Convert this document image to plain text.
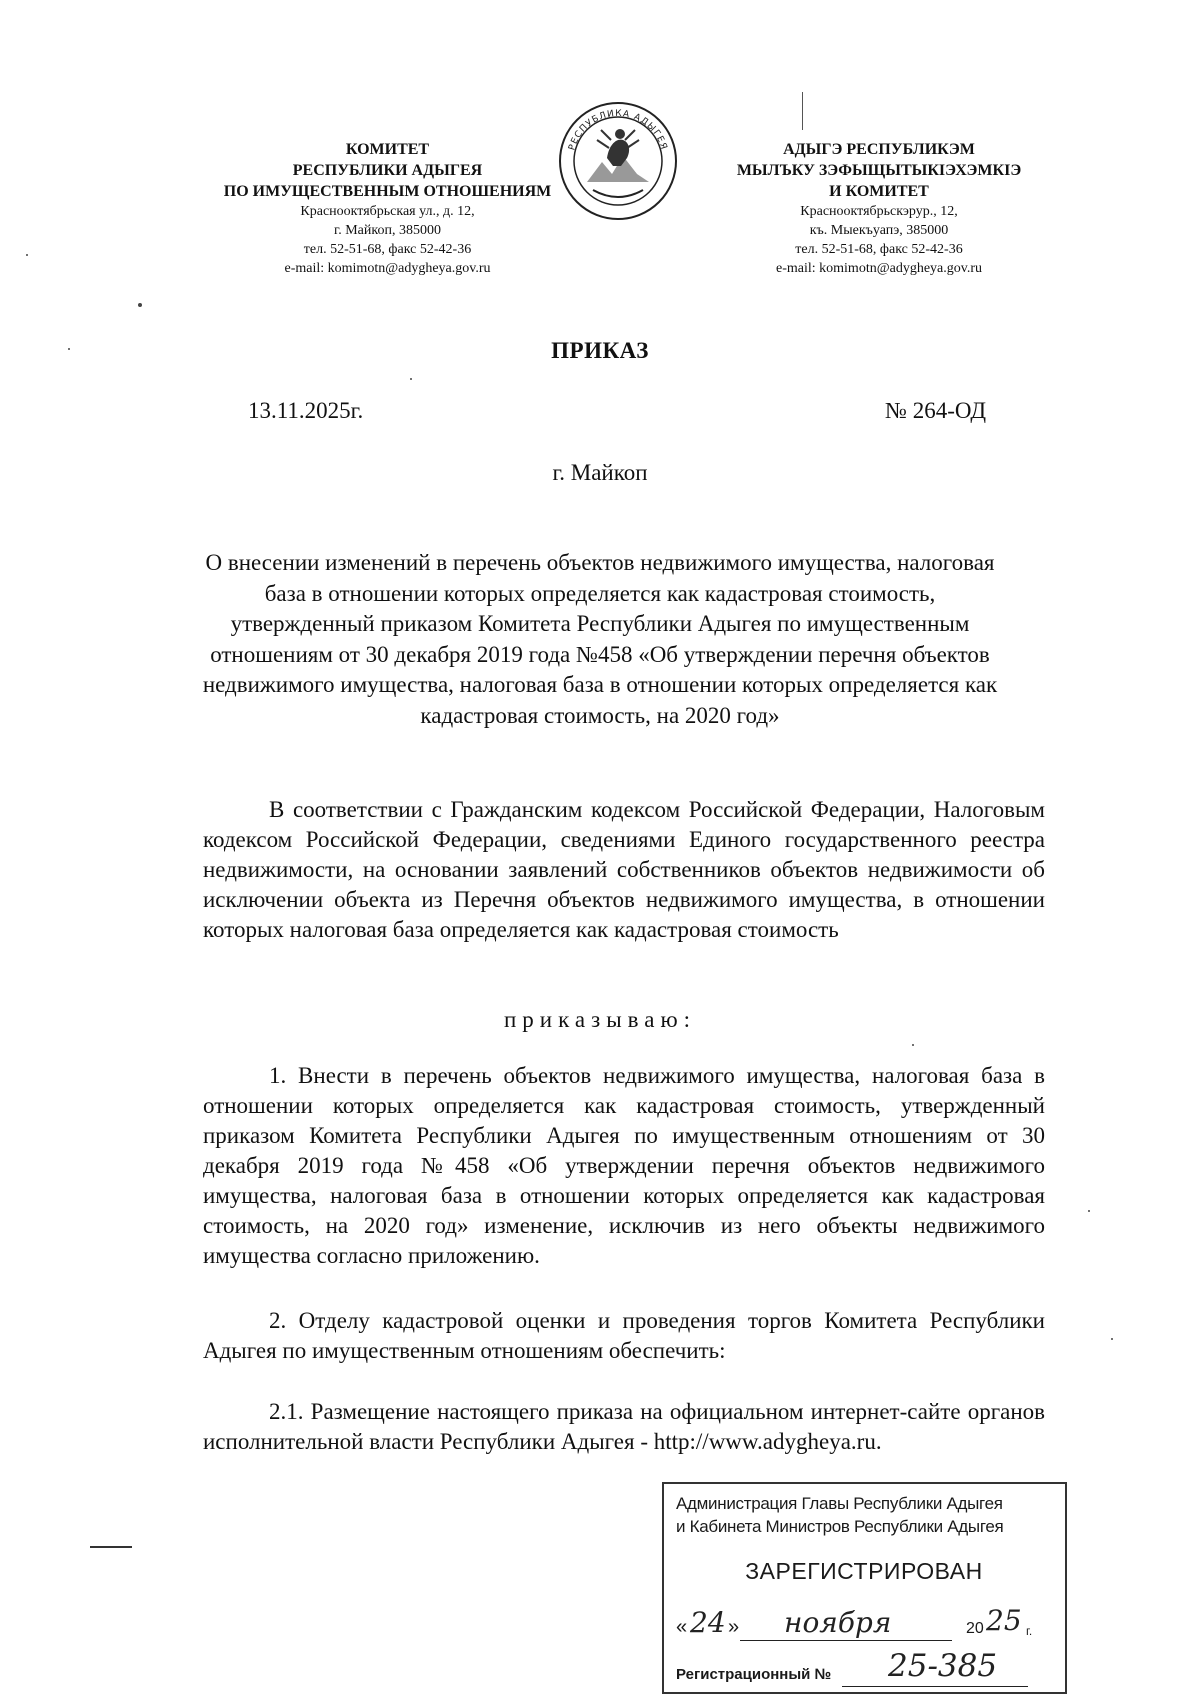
КОМИТЕТ
РЕСПУБЛИКИ АДЫГЕЯ
ПО ИМУЩЕСТВЕННЫМ ОТНОШЕНИЯМ
Краснооктябрьская ул., д. 12,
г. Майкоп, 385000
тел. 52-51-68, факс 52-42-36
e-mail: komimotn@adygheya.gov.ru
РЕСПУБЛИКА АДЫГЕЯ	АДЫГЭ РЕСПУБЛИКЭМ
МЫЛЪКУ ЗЭФЫЩЫТЫКIЭХЭМКIЭ
И КОМИТЕТ
Краснооктябрьскэрур., 12,
къ. Мыекъуапэ, 385000
тел. 52-51-68, факс 52-42-36
e-mail: komimotn@adygheya.gov.ru
ПРИКАЗ
13.11.2025г.	№ 264-ОД
г. Майкоп
О внесении изменений в перечень объектов недвижимого имущества, налоговая база в отношении которых определяется как кадастровая стоимость, утвержденный приказом Комитета Республики Адыгея по имущественным отношениям от 30 декабря 2019 года №458 «Об утверждении перечня объектов недвижимого имущества, налоговая база в отношении которых определяется как кадастровая стоимость, на 2020 год»
В соответствии с Гражданским кодексом Российской Федерации, Налоговым кодексом Российской Федерации, сведениями Единого государственного реестра недвижимости, на основании заявлений собственников объектов недвижимости об исключении объекта из Перечня объектов недвижимого имущества, в отношении которых налоговая база определяется как кадастровая стоимость
приказываю:
1. Внести в перечень объектов недвижимого имущества, налоговая база в отношении которых определяется как кадастровая стоимость, утвержденный приказом Комитета Республики Адыгея по имущественным отношениям от 30 декабря 2019 года №458 «Об утверждении перечня объектов недвижимого имущества, налоговая база в отношении которых определяется как кадастровая стоимость, на 2020 год» изменение, исключив из него объекты недвижимого имущества согласно приложению.
2. Отделу кадастровой оценки и проведения торгов Комитета Республики Адыгея по имущественным отношениям обеспечить:
2.1. Размещение настоящего приказа на официальном интернет-сайте органов исполнительной власти Республики Адыгея - http://www.adygheya.ru.
Администрация Главы Республики Адыгея
и Кабинета Министров Республики Адыгея
ЗАРЕГИСТРИРОВАН
« 24 » ноября	20 25 г.
Регистрационный № 25-385
